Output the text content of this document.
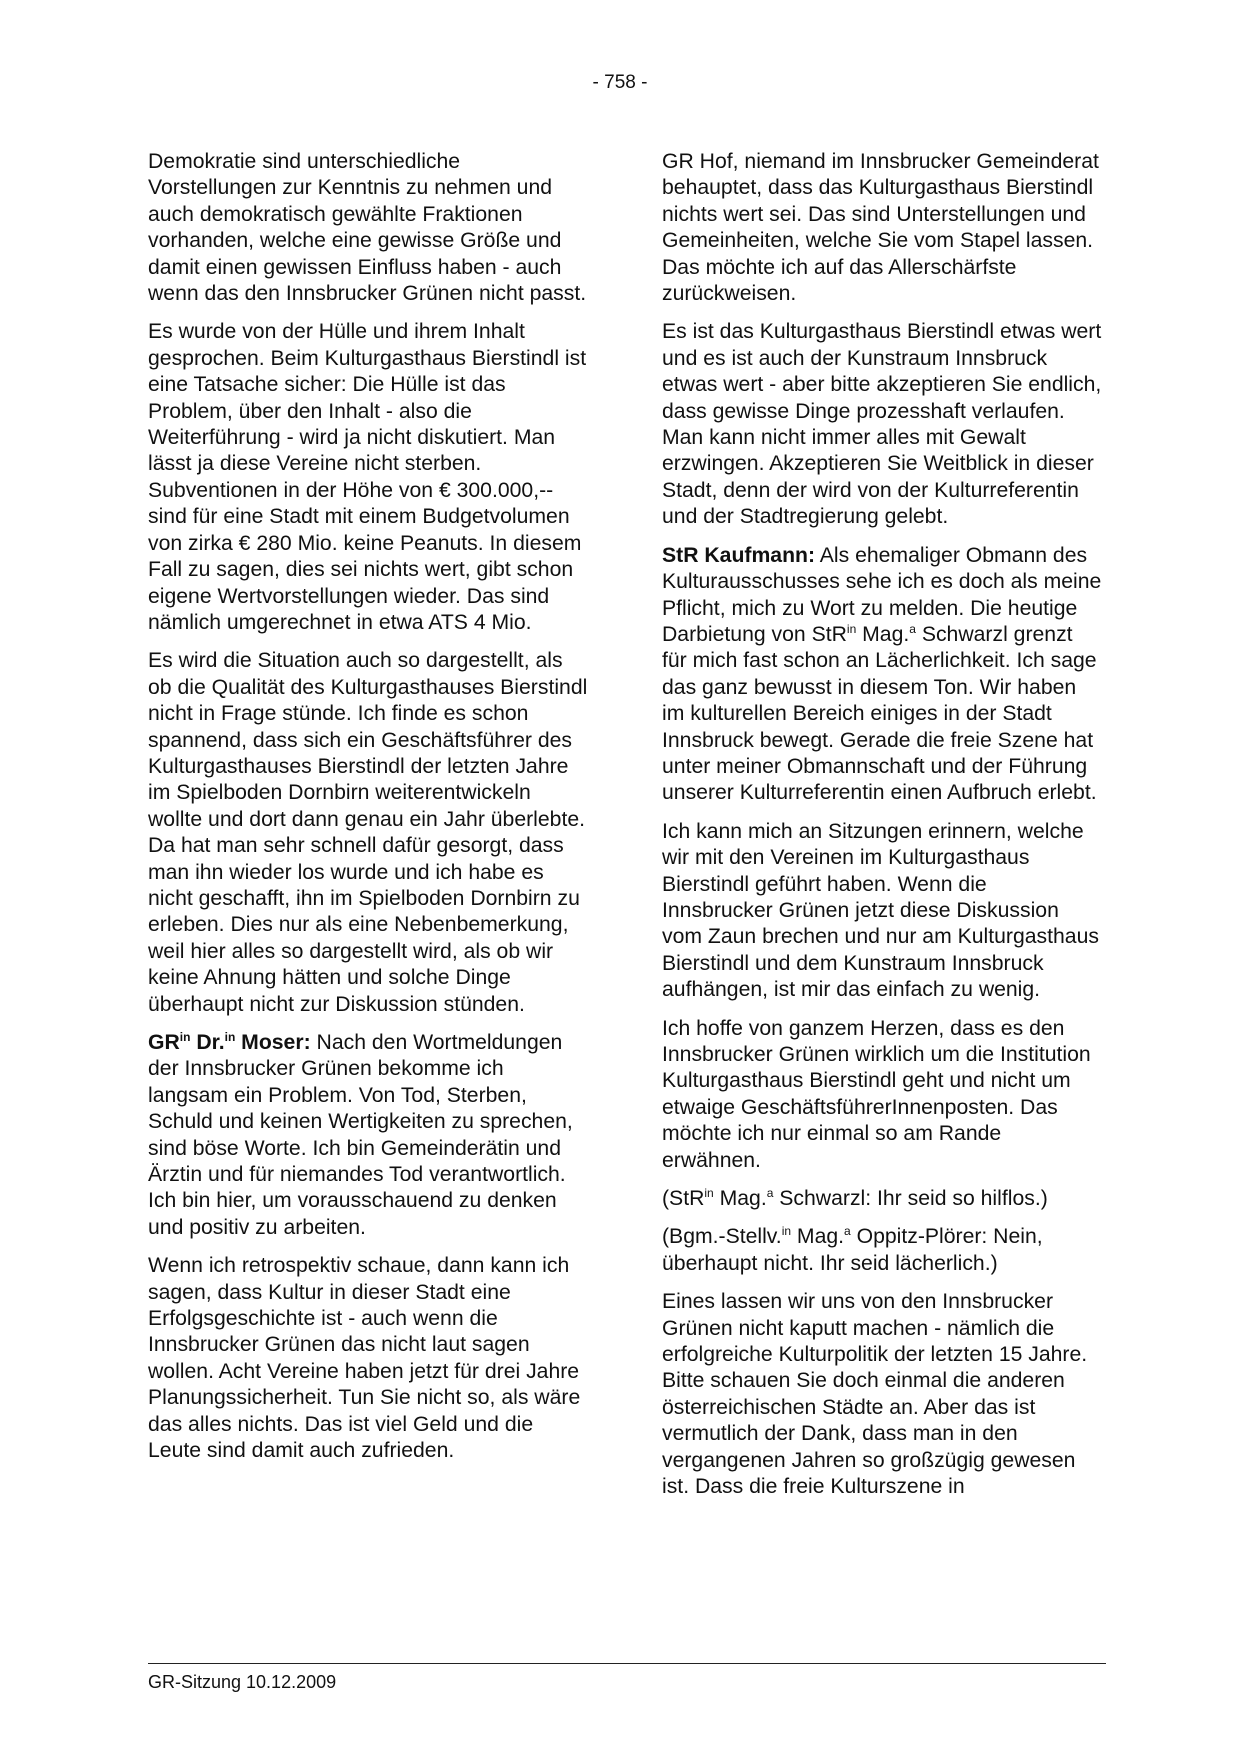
- 758 -

Demokratie sind unterschiedliche Vorstellungen zur Kenntnis zu nehmen und auch demokratisch gewählte Fraktionen vorhanden, welche eine gewisse Größe und damit einen gewissen Einfluss haben - auch wenn das den Innsbrucker Grünen nicht passt.

Es wurde von der Hülle und ihrem Inhalt gesprochen. Beim Kulturgasthaus Bierstindl ist eine Tatsache sicher: Die Hülle ist das Problem, über den Inhalt - also die Weiterführung - wird ja nicht diskutiert. Man lässt ja diese Vereine nicht sterben. Subventionen in der Höhe von € 300.000,-- sind für eine Stadt mit einem Budgetvolumen von zirka € 280 Mio. keine Peanuts. In diesem Fall zu sagen, dies sei nichts wert, gibt schon eigene Wertvorstellungen wieder. Das sind nämlich umgerechnet in etwa ATS 4 Mio.

Es wird die Situation auch so dargestellt, als ob die Qualität des Kulturgasthauses Bierstindl nicht in Frage stünde. Ich finde es schon spannend, dass sich ein Geschäftsführer des Kulturgasthauses Bierstindl der letzten Jahre im Spielboden Dornbirn weiterentwickeln wollte und dort dann genau ein Jahr überlebte. Da hat man sehr schnell dafür gesorgt, dass man ihn wieder los wurde und ich habe es nicht geschafft, ihn im Spielboden Dornbirn zu erleben. Dies nur als eine Nebenbemerkung, weil hier alles so dargestellt wird, als ob wir keine Ahnung hätten und solche Dinge überhaupt nicht zur Diskussion stünden.

$GR^{in}$ Dr.$^{in}$ Moser: Nach den Wortmeldungen der Innsbrucker Grünen bekomme ich langsam ein Problem. Von Tod, Sterben, Schuld und keinen Wertigkeiten zu sprechen, sind böse Worte. Ich bin Gemeinderätin und Ärztin und für niemandes Tod verantwortlich. Ich bin hier, um vorausschauend zu denken und positiv zu arbeiten.

Wenn ich retrospektiv schaue, dann kann ich sagen, dass Kultur in dieser Stadt eine Erfolgsgeschichte ist - auch wenn die Innsbrucker Grünen das nicht laut sagen wollen. Acht Vereine haben jetzt für drei Jahre Planungssicherheit. Tun Sie nicht so, als wäre das alles nichts. Das ist viel Geld und die Leute sind damit auch zufrieden.

GR Hof, niemand im Innsbrucker Gemeinderat behauptet, dass das Kulturgasthaus Bierstindl nichts wert sei. Das sind Unterstellungen und Gemeinheiten, welche Sie vom Stapel lassen. Das möchte ich auf das Allerschärfste zurückweisen.

Es ist das Kulturgasthaus Bierstindl etwas wert und es ist auch der Kunstraum Innsbruck etwas wert - aber bitte akzeptieren Sie endlich, dass gewisse Dinge prozesshaft verlaufen. Man kann nicht immer alles mit Gewalt erzwingen. Akzeptieren Sie Weitblick in dieser Stadt, denn der wird von der Kulturreferentin und der Stadtregierung gelebt.

StR Kaufmann: Als ehemaliger Obmann des Kulturausschusses sehe ich es doch als meine Pflicht, mich zu Wort zu melden. Die heutige Darbietung von StR$^{in}$ Mag.$^a$ Schwarzl grenzt für mich fast schon an Lächerlichkeit. Ich sage das ganz bewusst in diesem Ton. Wir haben im kulturellen Bereich einiges in der Stadt Innsbruck bewegt. Gerade die freie Szene hat unter meiner Obmannschaft und der Führung unserer Kulturreferentin einen Aufbruch erlebt.

Ich kann mich an Sitzungen erinnern, welche wir mit den Vereinen im Kulturgasthaus Bierstindl geführt haben. Wenn die Innsbrucker Grünen jetzt diese Diskussion vom Zaun brechen und nur am Kulturgasthaus Bierstindl und dem Kunstraum Innsbruck aufhängen, ist mir das einfach zu wenig.

Ich hoffe von ganzem Herzen, dass es den Innsbrucker Grünen wirklich um die Institution Kulturgasthaus Bierstindl geht und nicht um etwaige GeschäftsführerInnenposten. Das möchte ich nur einmal so am Rande erwähnen.

(StR$^{in}$ Mag.$^a$ Schwarzl: Ihr seid so hilflos.)

(Bgm.-Stellv.$^{in}$ Mag.$^a$ Oppitz-Plörer: Nein, überhaupt nicht. Ihr seid lächerlich.)

Eines lassen wir uns von den Innsbrucker Grünen nicht kaputt machen - nämlich die erfolgreiche Kulturpolitik der letzten 15 Jahre. Bitte schauen Sie doch einmal die anderen österreichischen Städte an. Aber das ist vermutlich der Dank, dass man in den vergangenen Jahren so großzügig gewesen ist. Dass die freie Kulturszene in

GR-Sitzung 10.12.2009
